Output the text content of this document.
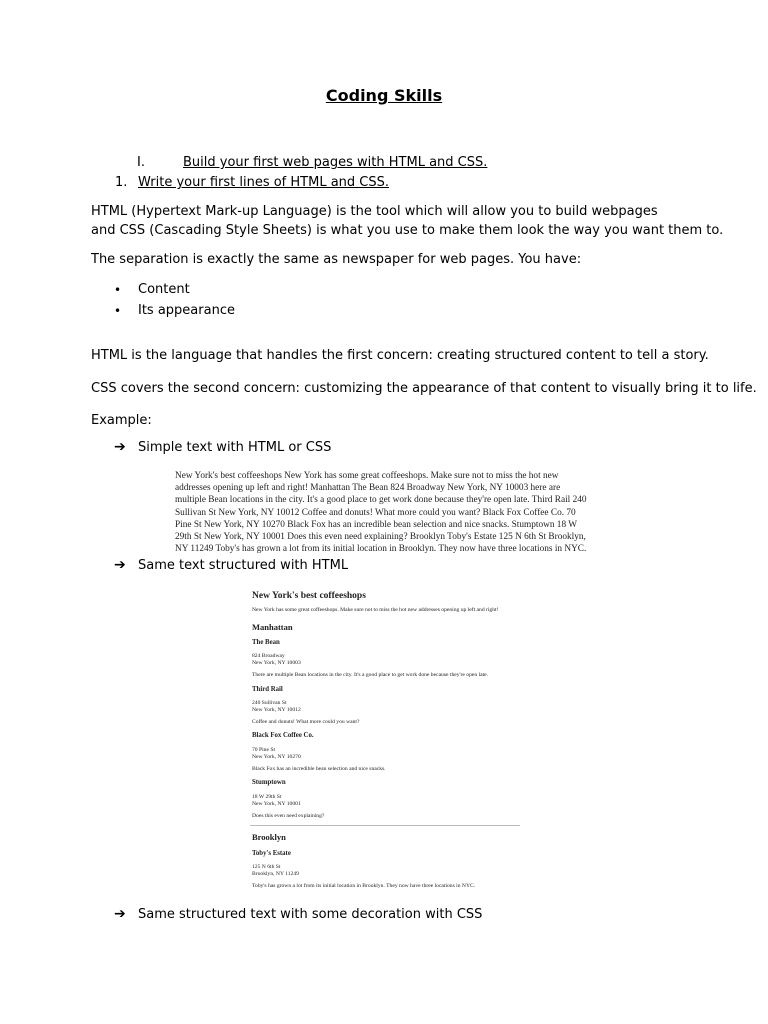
Coding Skills
I.	Build your first web pages with HTML and CSS.
1. Write your first lines of HTML and CSS.
HTML (Hypertext Mark-up Language) is the tool which will allow you to build webpages
and CSS (Cascading Style Sheets) is what you use to make them look the way you want them to.
The separation is exactly the same as newspaper for web pages. You have:
• Content
• Its appearance
HTML is the language that handles the first concern: creating structured content to tell a story.
CSS covers the second concern: customizing the appearance of that content to visually bring it to life.
Example:
➔ Simple text with HTML or CSS
New York's best coffeeshops New York has some great coffeeshops. Make sure not to miss the hot new
addresses opening up left and right! Manhattan The Bean 824 Broadway New York, NY 10003 here are
multiple Bean locations in the city. It's a good place to get work done because they're open late. Third Rail 240
Sullivan St New York, NY 10012 Coffee and donuts! What more could you want? Black Fox Coffee Co. 70
Pine St New York, NY 10270 Black Fox has an incredible bean selection and nice snacks. Stumptown 18 W
29th St New York, NY 10001 Does this even need explaining? Brooklyn Toby's Estate 125 N 6th St Brooklyn,
NY 11249 Toby's has grown a lot from its initial location in Brooklyn. They now have three locations in NYC.
➔ Same text structured with HTML
New York's best coffeeshops
New York has some great coffeeshops. Make sure not to miss the hot new addresses opening up left and right!
Manhattan
The Bean
824 Broadway
New York, NY 10003
There are multiple Bean locations in the city. It's a good place to get work done because they're open late.
Third Rail
240 Sullivan St
New York, NY 10012
Coffee and donuts! What more could you want?
Black Fox Coffee Co.
70 Pine St
New York, NY 10270
Black Fox has an incredible bean selection and nice snacks.
Stumptown
18 W 29th St
New York, NY 10001
Does this even need explaining?
Brooklyn
Toby's Estate
125 N 6th St
Brooklyn, NY 11249
Toby's has grown a lot from its initial location in Brooklyn. They now have three locations in NYC.
➔ Same structured text with some decoration with CSS
